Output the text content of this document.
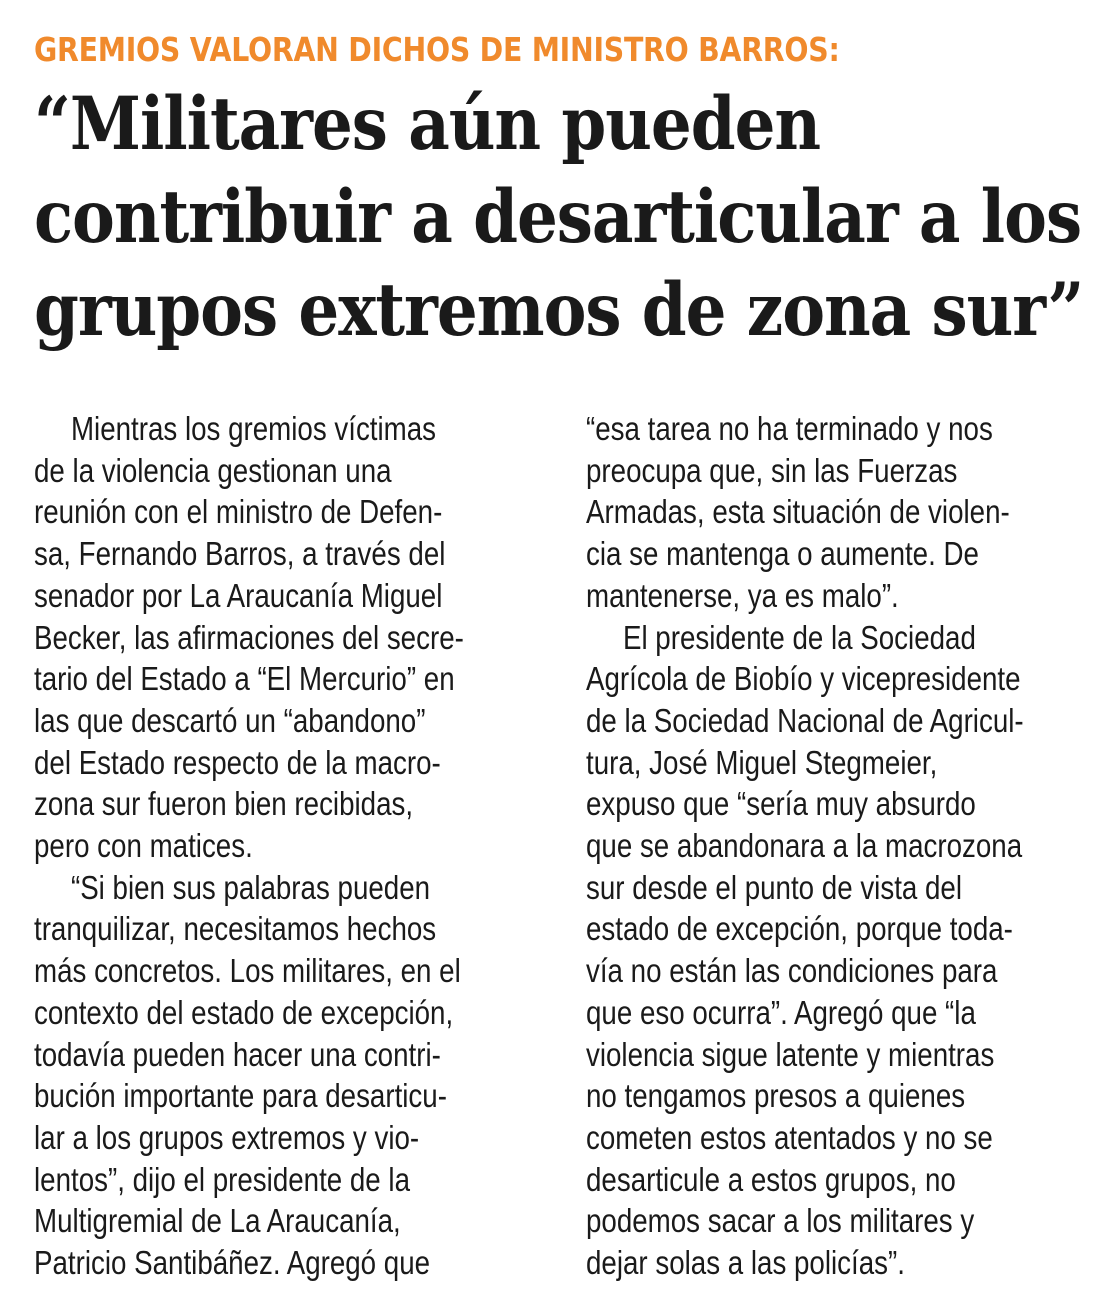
GREMIOS VALORAN DICHOS DE MINISTRO BARROS:
“Militares aún pueden
contribuir a desarticular a los
grupos extremos de zona sur”
Mientras los gremios víctimas
de la violencia gestionan una
reunión con el ministro de Defen-
sa, Fernando Barros, a través del
senador por La Araucanía Miguel
Becker, las afirmaciones del secre-
tario del Estado a “El Mercurio” en
las que descartó un “abandono”
del Estado respecto de la macro-
zona sur fueron bien recibidas,
pero con matices.
“Si bien sus palabras pueden
tranquilizar, necesitamos hechos
más concretos. Los militares, en el
contexto del estado de excepción,
todavía pueden hacer una contri-
bución importante para desarticu-
lar a los grupos extremos y vio-
lentos”, dijo el presidente de la
Multigremial de La Araucanía,
Patricio Santibáñez. Agregó que
“esa tarea no ha terminado y nos
preocupa que, sin las Fuerzas
Armadas, esta situación de violen-
cia se mantenga o aumente. De
mantenerse, ya es malo”.
El presidente de la Sociedad
Agrícola de Biobío y vicepresidente
de la Sociedad Nacional de Agricul-
tura, José Miguel Stegmeier,
expuso que “sería muy absurdo
que se abandonara a la macrozona
sur desde el punto de vista del
estado de excepción, porque toda-
vía no están las condiciones para
que eso ocurra”. Agregó que “la
violencia sigue latente y mientras
no tengamos presos a quienes
cometen estos atentados y no se
desarticule a estos grupos, no
podemos sacar a los militares y
dejar solas a las policías”.
